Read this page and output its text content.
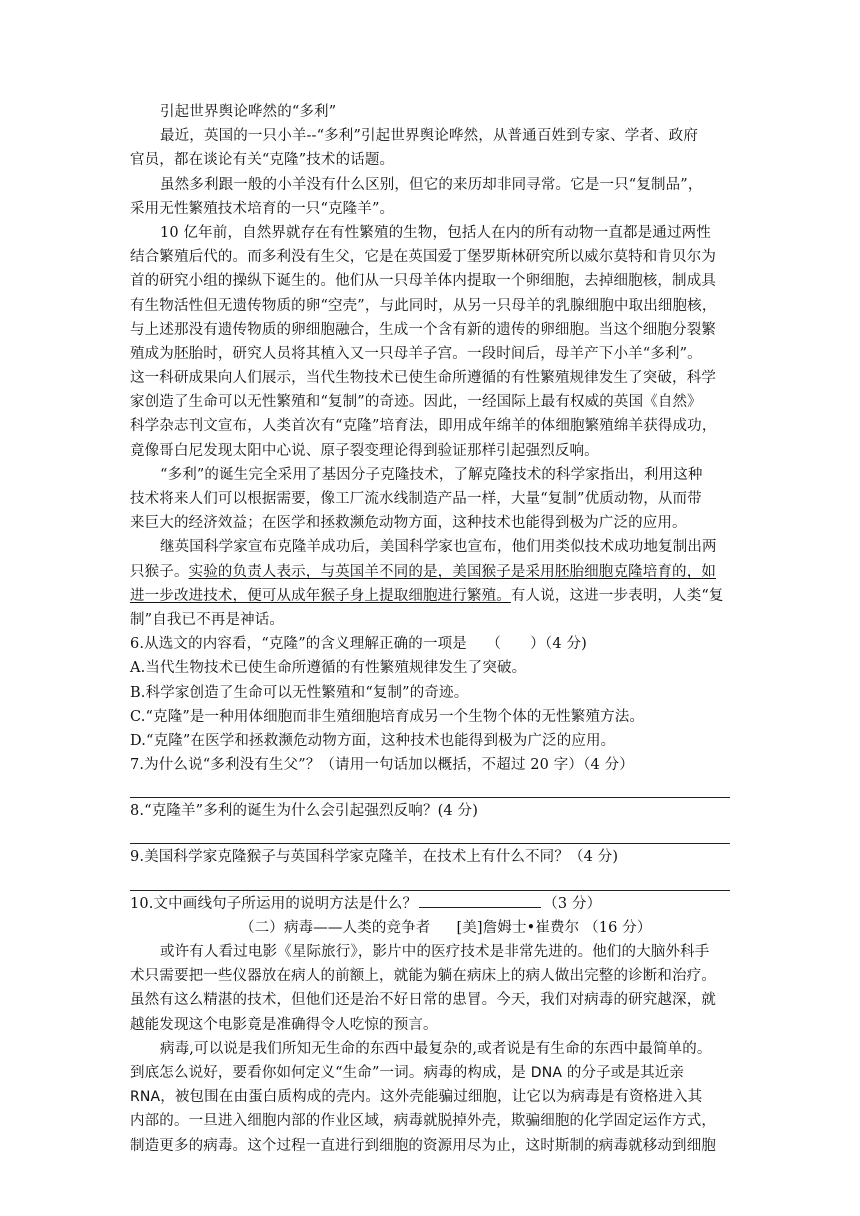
引起世界舆论哗然的“多利”
最近，英国的一只小羊--“多利”引起世界舆论哗然，从普通百姓到专家、学者、政府
官员，都在谈论有关“克隆”技术的话题。
虽然多利跟一般的小羊没有什么区别，但它的来历却非同寻常。它是一只“复制品”，
采用无性繁殖技术培育的一只“克隆羊”。
10 亿年前，自然界就存在有性繁殖的生物，包括人在内的所有动物一直都是通过两性
结合繁殖后代的。而多利没有生父，它是在英国爱丁堡罗斯林研究所以威尔莫特和肯贝尔为
首的研究小组的操纵下诞生的。他们从一只母羊体内提取一个卵细胞，去掉细胞核，制成具
有生物活性但无遗传物质的卵“空壳”，与此同时，从另一只母羊的乳腺细胞中取出细胞核，
与上述那没有遗传物质的卵细胞融合，生成一个含有新的遗传的卵细胞。当这个细胞分裂繁
殖成为胚胎时，研究人员将其植入又一只母羊子宫。一段时间后，母羊产下小羊“多利”。
这一科研成果向人们展示，当代生物技术已使生命所遵循的有性繁殖规律发生了突破，科学
家创造了生命可以无性繁殖和“复制”的奇迹。因此，一经国际上最有权威的英国《自然》
科学杂志刊文宣布，人类首次有“克隆”培育法，即用成年绵羊的体细胞繁殖绵羊获得成功，
竟像哥白尼发现太阳中心说、原子裂变理论得到验证那样引起强烈反响。
“多利”的诞生完全采用了基因分子克隆技术，了解克隆技术的科学家指出，利用这种
技术将来人们可以根据需要，像工厂流水线制造产品一样，大量“复制”优质动物，从而带
来巨大的经济效益；在医学和拯救濒危动物方面，这种技术也能得到极为广泛的应用。
继英国科学家宣布克隆羊成功后，美国科学家也宣布，他们用类似技术成功地复制出两
只猴子。实验的负责人表示，与英国羊不同的是，美国猴子是采用胚胎细胞克隆培育的，如
进一步改进技术，便可从成年猴子身上提取细胞进行繁殖。有人说，这进一步表明，人类“复
制”自我已不再是神话。
6.从选文的内容看，“克隆”的含义理解正确的一项是　 （　　）（4 分)
A.当代生物技术已使生命所遵循的有性繁殖规律发生了突破。
B.科学家创造了生命可以无性繁殖和“复制”的奇迹。
C.“克隆”是一种用体细胞而非生殖细胞培育成另一个生物个体的无性繁殖方法。
D.“克隆”在医学和拯救濒危动物方面，这种技术也能得到极为广泛的应用。
7.为什么说“多利没有生父”？（请用一句话加以概括，不超过 20 字）（4 分）
8.“克隆羊”多利的诞生为什么会引起强烈反响？(4 分)
9.美国科学家克隆猴子与英国科学家克隆羊，在技术上有什么不同？（4 分)
10.文中画线句子所运用的说明方法是什么？	（3 分）
（二）病毒——人类的竞争者 [美]詹姆士•崔费尔 （16 分）
或许有人看过电影《星际旅行》，影片中的医疗技术是非常先进的。他们的大脑外科手
术只需要把一些仪器放在病人的前额上，就能为躺在病床上的病人做出完整的诊断和治疗。
虽然有这么精湛的技术，但他们还是治不好日常的患冒。今天，我们对病毒的研究越深，就
越能发现这个电影竟是准确得令人吃惊的预言。
病毒,可以说是我们所知无生命的东西中最复杂的,或者说是有生命的东西中最简单的。
到底怎么说好，要看你如何定义“生命”一词。病毒的构成，是 DNA 的分子或是其近亲
RNA，被包围在由蛋白质构成的壳内。这外壳能骗过细胞，让它以为病毒是有资格进入其
内部的。一旦进入细胞内部的作业区域，病毒就脱掉外壳，欺骗细胞的化学固定运作方式，
制造更多的病毒。这个过程一直进行到细胞的资源用尽为止，这时斯制的病毒就移动到细胞
